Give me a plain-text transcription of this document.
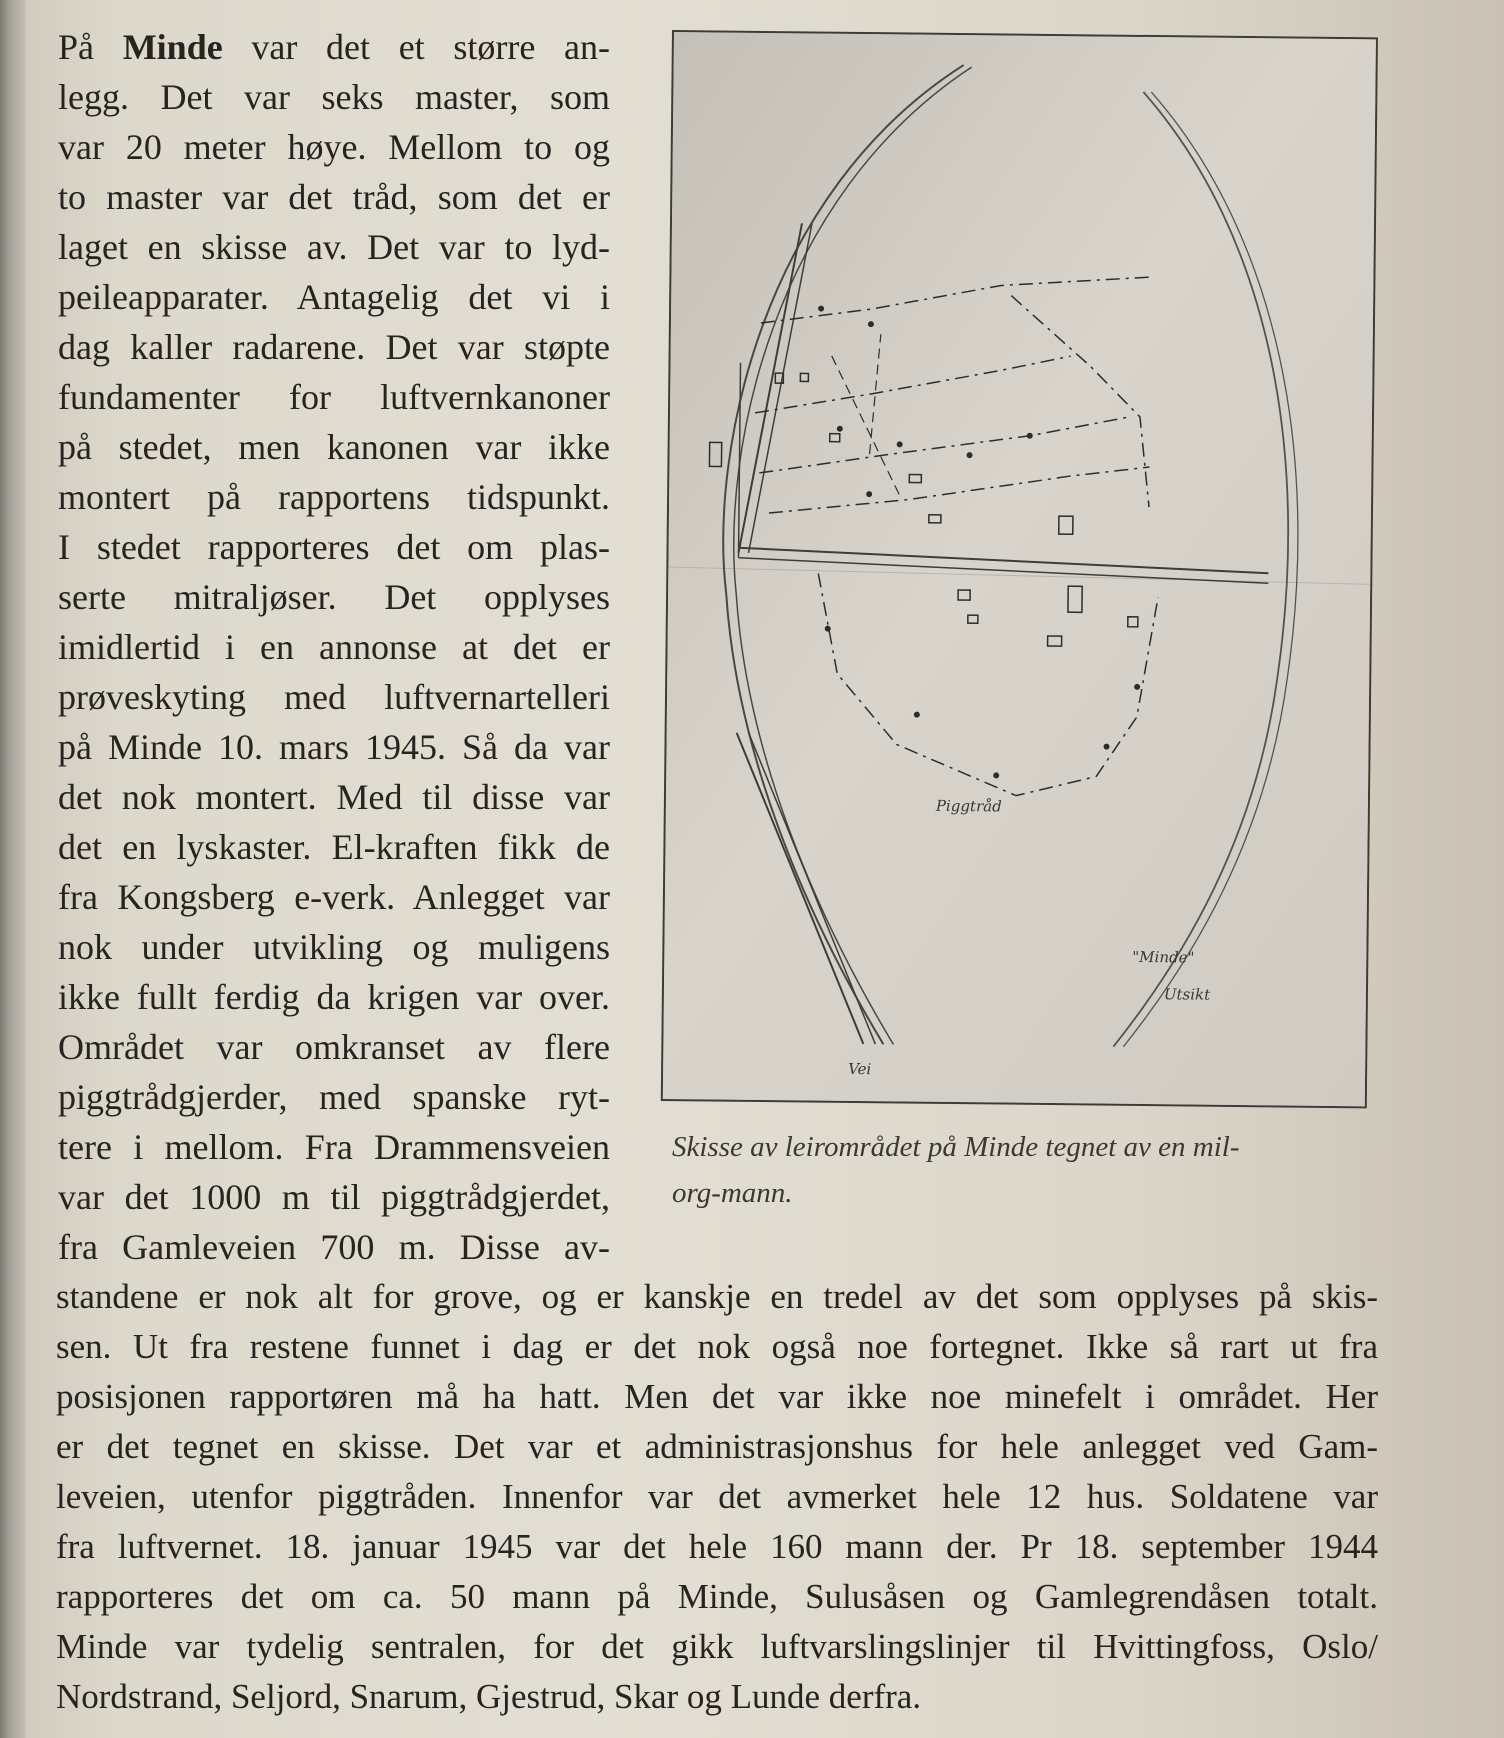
På Minde var det et større an-
legg. Det var seks master, som
var 20 meter høye. Mellom to og
to master var det tråd, som det er
laget en skisse av. Det var to lyd-
peileapparater. Antagelig det vi i
dag kaller radarene. Det var støpte
fundamenter for luftvernkanoner
på stedet, men kanonen var ikke
montert på rapportens tidspunkt.
I stedet rapporteres det om plas-
serte mitraljøser. Det opplyses
imidlertid i en annonse at det er
prøveskyting med luftvernartelleri
på Minde 10. mars 1945. Så da var
det nok montert. Med til disse var
det en lyskaster. El-kraften fikk de
fra Kongsberg e-verk. Anlegget var
nok under utvikling og muligens
ikke fullt ferdig da krigen var over.
Området var omkranset av flere
piggtrådgjerder, med spanske ryt-
tere i mellom. Fra Drammensveien
var det 1000 m til piggtrådgjerdet,
fra Gamleveien 700 m. Disse av-
"Minde"
Piggtråd
Vei
Utsikt
Skisse av leirområdet på Minde tegnet av en mil-
org-mann.
standene er nok alt for grove, og er kanskje en tredel av det som opplyses på skis-
sen. Ut fra restene funnet i dag er det nok også noe fortegnet. Ikke så rart ut fra
posisjonen rapportøren må ha hatt. Men det var ikke noe minefelt i området. Her
er det tegnet en skisse. Det var et administrasjonshus for hele anlegget ved Gam-
leveien, utenfor piggtråden. Innenfor var det avmerket hele 12 hus. Soldatene var
fra luftvernet. 18. januar 1945 var det hele 160 mann der. Pr 18. september 1944
rapporteres det om ca. 50 mann på Minde, Sulusåsen og Gamlegrendåsen totalt.
Minde var tydelig sentralen, for det gikk luftvarslingslinjer til Hvittingfoss, Oslo/
Nordstrand, Seljord, Snarum, Gjestrud, Skar og Lunde derfra.
